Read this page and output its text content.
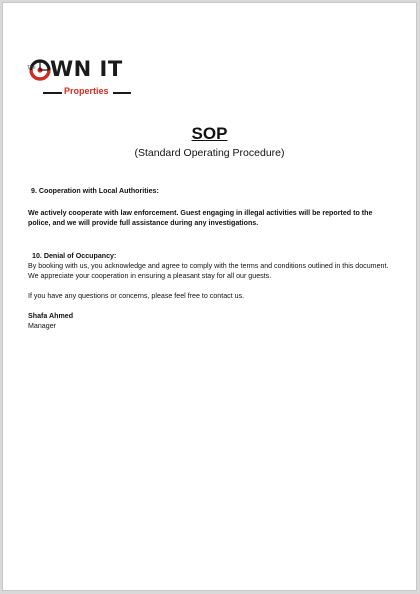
The WN IT
Properties
SOP
(Standard Operating Procedure)
9. Cooperation with Local Authorities:
We actively cooperate with law enforcement. Guest engaging in illegal activities will be reported to the police, and we will provide full assistance during any investigations.
10. Denial of Occupancy:
By booking with us, you acknowledge and agree to comply with the terms and conditions outlined in this document. We appreciate your cooperation in ensuring a pleasant stay for all our guests.
If you have any questions or concerns, please feel free to contact us.
Shafa Ahmed
Manager
